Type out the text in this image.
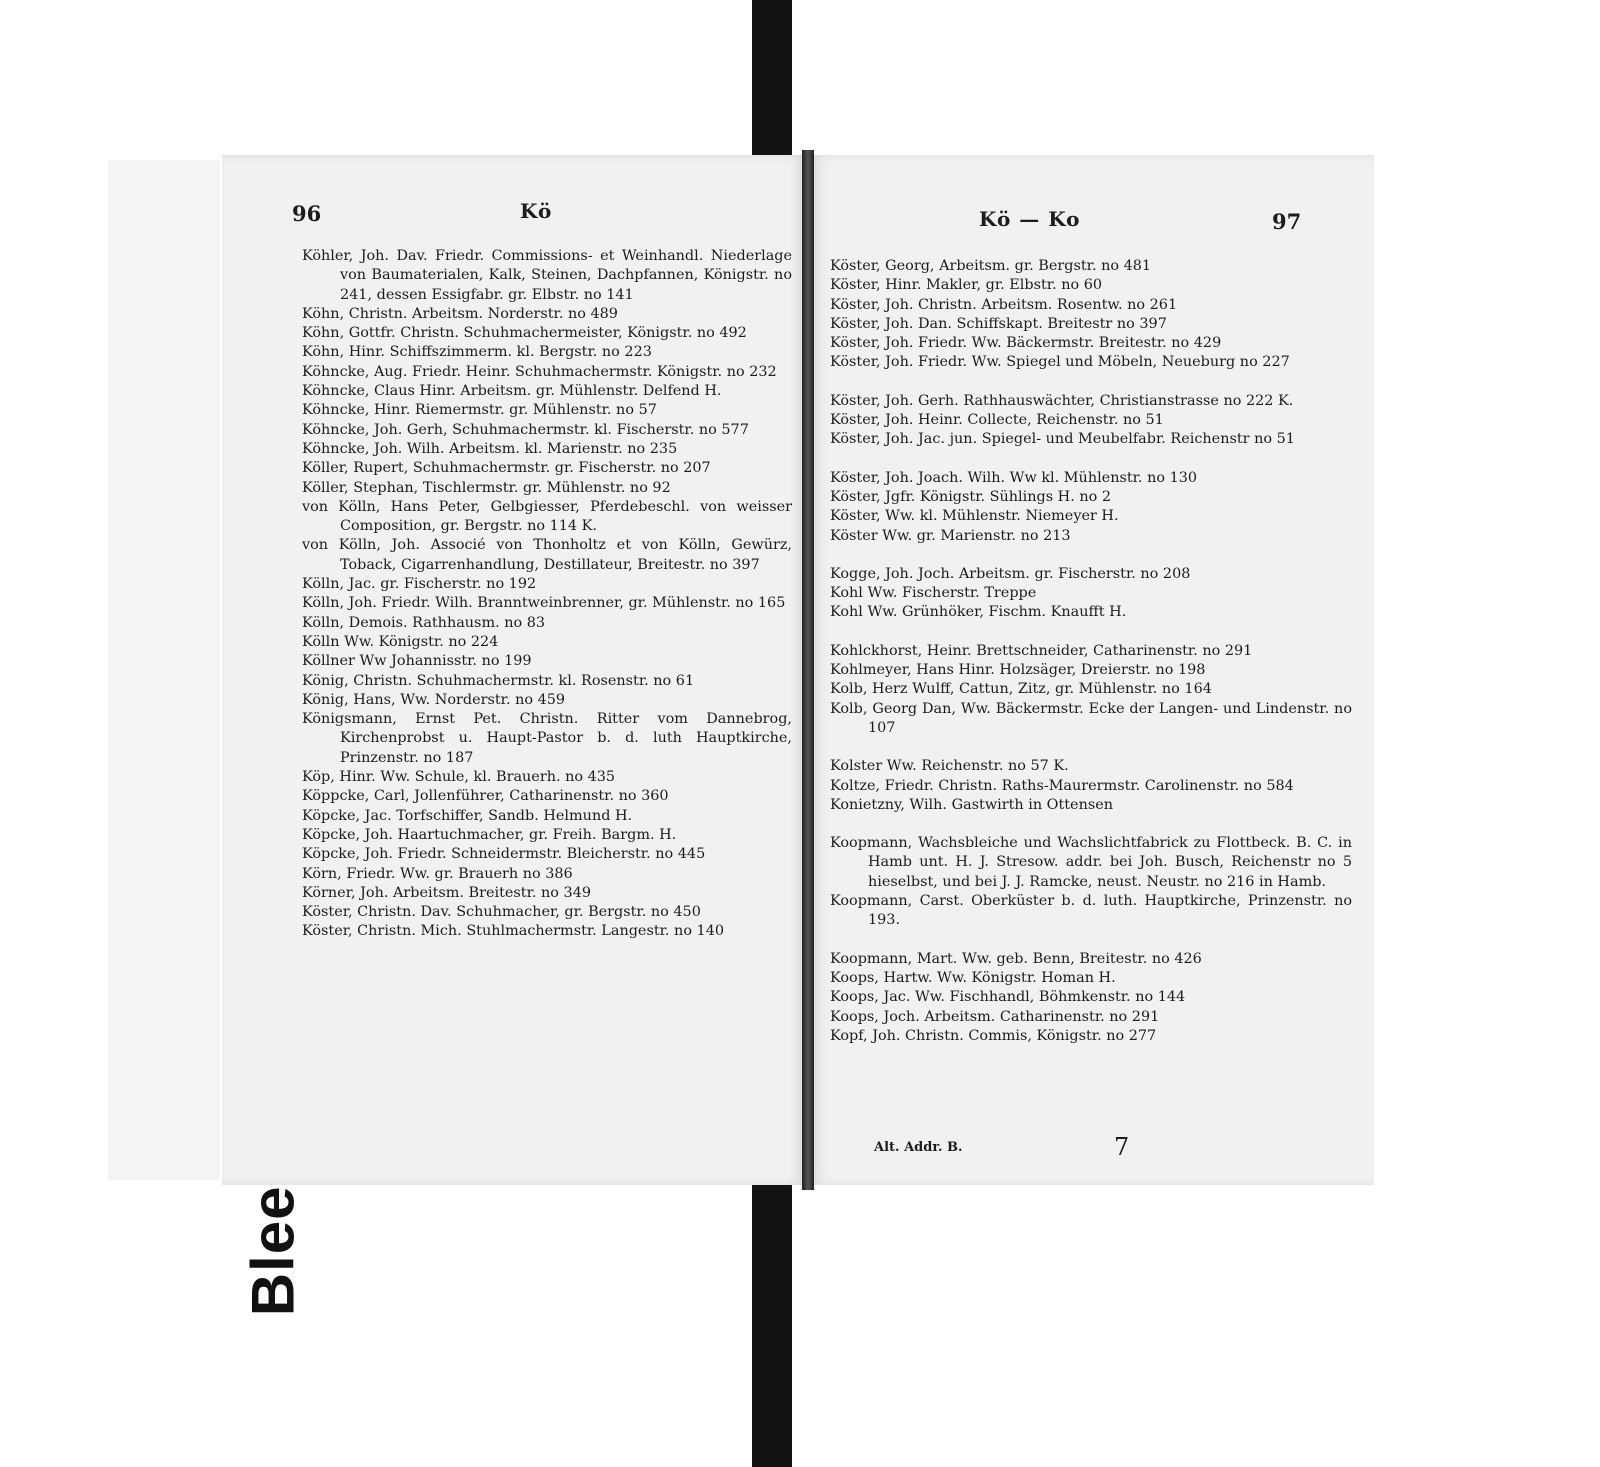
96	Kö
Köhler, Joh. Dav. Friedr. Commissions- et Weinhandl. Niederlage von Baumaterialen, Kalk, Steinen, Dachpfannen, Königstr. no 241, dessen Essigfabr. gr. Elbstr. no 141
Köhn, Christn. Arbeitsm. Norderstr. no 489
Köhn, Gottfr. Christn. Schuhmachermeister, Königstr. no 492
Köhn, Hinr. Schiffszimmerm. kl. Bergstr. no 223
Köhncke, Aug. Friedr. Heinr. Schuhmachermstr. Königstr. no 232
Köhncke, Claus Hinr. Arbeitsm. gr. Mühlenstr. Delfend H.
Köhncke, Hinr. Riemermstr. gr. Mühlenstr. no 57
Köhncke, Joh. Gerh, Schuhmachermstr. kl. Fischerstr. no 577
Köhncke, Joh. Wilh. Arbeitsm. kl. Marienstr. no 235
Köller, Rupert, Schuhmachermstr. gr. Fischerstr. no 207
Köller, Stephan, Tischlermstr. gr. Mühlenstr. no 92
von Kölln, Hans Peter, Gelbgiesser, Pferdebeschl. von weisser Composition, gr. Bergstr. no 114 K.
von Kölln, Joh. Associé von Thonholtz et von Kölln, Gewürz, Toback, Cigarrenhandlung, Destillateur, Breitestr. no 397
Kölln, Jac. gr. Fischerstr. no 192
Kölln, Joh. Friedr. Wilh. Branntweinbrenner, gr. Mühlenstr. no 165
Kölln, Demois. Rathhausm. no 83
Kölln Ww. Königstr. no 224
Köllner Ww Johannisstr. no 199
König, Christn. Schuhmachermstr. kl. Rosenstr. no 61
König, Hans, Ww. Norderstr. no 459
Königsmann, Ernst Pet. Christn. Ritter vom Dannebrog, Kirchenprobst u. Haupt-Pastor b. d. luth Hauptkirche, Prinzenstr. no 187
Köp, Hinr. Ww. Schule, kl. Brauerh. no 435
Köppcke, Carl, Jollenführer, Catharinenstr. no 360
Köpcke, Jac. Torfschiffer, Sandb. Helmund H.
Köpcke, Joh. Haartuchmacher, gr. Freih. Bargm. H.
Köpcke, Joh. Friedr. Schneidermstr. Bleicherstr. no 445
Körn, Friedr. Ww. gr. Brauerh no 386
Körner, Joh. Arbeitsm. Breitestr. no 349
Köster, Christn. Dav. Schuhmacher, gr. Bergstr. no 450
Köster, Christn. Mich. Stuhlmachermstr. Langestr. no 140
Kö — Ko	97
Köster, Georg, Arbeitsm. gr. Bergstr. no 481
Köster, Hinr. Makler, gr. Elbstr. no 60
Köster, Joh. Christn. Arbeitsm. Rosentw. no 261
Köster, Joh. Dan. Schiffskapt. Breitestr no 397
Köster, Joh. Friedr. Ww. Bäckermstr. Breitestr. no 429
Köster, Joh. Friedr. Ww. Spiegel und Möbeln, Neueburg no 227
Köster, Joh. Gerh. Rathhauswächter, Christianstrasse no 222 K.
Köster, Joh. Heinr. Collecte, Reichenstr. no 51
Köster, Joh. Jac. jun. Spiegel- und Meubelfabr. Reichenstr no 51
Köster, Joh. Joach. Wilh. Ww kl. Mühlenstr. no 130
Köster, Jgfr. Königstr. Sühlings H. no 2
Köster, Ww. kl. Mühlenstr. Niemeyer H.
Köster Ww. gr. Marienstr. no 213
Kogge, Joh. Joch. Arbeitsm. gr. Fischerstr. no 208
Kohl Ww. Fischerstr. Treppe
Kohl Ww. Grünhöker, Fischm. Knaufft H.
Kohlckhorst, Heinr. Brettschneider, Catharinenstr. no 291
Kohlmeyer, Hans Hinr. Holzsäger, Dreierstr. no 198
Kolb, Herz Wulff, Cattun, Zitz, gr. Mühlenstr. no 164
Kolb, Georg Dan, Ww. Bäckermstr. Ecke der Langen- und Lindenstr. no 107
Kolster Ww. Reichenstr. no 57 K.
Koltze, Friedr. Christn. Raths-Maurermstr. Carolinenstr. no 584
Konietzny, Wilh. Gastwirth in Ottensen
Koopmann, Wachsbleiche und Wachslichtfabrick zu Flottbeck. B. C. in Hamb unt. H. J. Stresow. addr. bei Joh. Busch, Reichenstr no 5 hieselbst, und bei J. J. Ramcke, neust. Neustr. no 216 in Hamb.
Koopmann, Carst. Oberküster b. d. luth. Hauptkirche, Prinzenstr. no 193.
Koopmann, Mart. Ww. geb. Benn, Breitestr. no 426
Koops, Hartw. Ww. Königstr. Homan H.
Koops, Jac. Ww. Fischhandl, Böhmkenstr. no 144
Koops, Joch. Arbeitsm. Catharinenstr. no 291
Kopf, Joh. Christn. Commis, Königstr. no 277
Alt. Addr. B.	7
